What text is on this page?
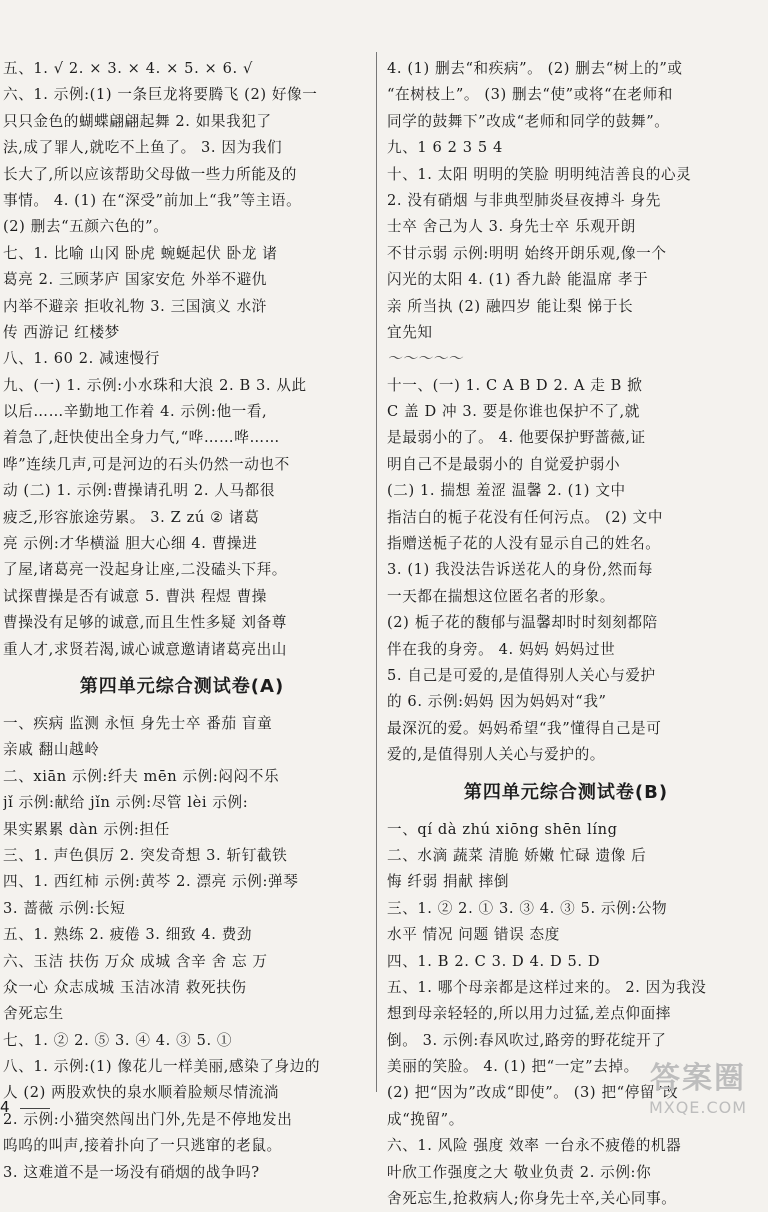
五、1. √ 2. × 3. × 4. × 5. × 6. √
六、1. 示例:(1) 一条巨龙将要腾飞 (2) 好像一
只只金色的蝴蝶翩翩起舞 2. 如果我犯了
法,成了罪人,就吃不上鱼了。 3. 因为我们
长大了,所以应该帮助父母做一些力所能及的
事情。 4. (1) 在“深受”前加上“我”等主语。
(2) 删去“五颜六色的”。
七、1. 比喻 山冈 卧虎 蜿蜒起伏 卧龙 诸
葛亮 2. 三顾茅庐 国家安危 外举不避仇
内举不避亲 拒收礼物 3. 三国演义 水浒
传 西游记 红楼梦
八、1. 60 2. 减速慢行
九、(一) 1. 示例:小水珠和大浪 2. B 3. 从此
以后……辛勤地工作着 4. 示例:他一看,
着急了,赶快使出全身力气,“哗……哗……
哗”连续几声,可是河边的石头仍然一动也不
动 (二) 1. 示例:曹操请孔明 2. 人马都很
疲乏,形容旅途劳累。 3. Z zú ② 诸葛
亮 示例:才华横溢 胆大心细 4. 曹操进
了屋,诸葛亮一没起身让座,二没磕头下拜。
试探曹操是否有诚意 5. 曹洪 程煜 曹操
曹操没有足够的诚意,而且生性多疑 刘备尊
重人才,求贤若渴,诚心诚意邀请诸葛亮出山
第四单元综合测试卷(A)
一、疾病 监测 永恒 身先士卒 番茄 盲童
亲戚 翻山越岭
二、xiān 示例:纤夫 mēn 示例:闷闷不乐
jǐ 示例:献给 jǐn 示例:尽管 lèi 示例:
果实累累 dàn 示例:担任
三、1. 声色俱厉 2. 突发奇想 3. 斩钉截铁
四、1. 西红柿 示例:黄芩 2. 漂亮 示例:弹琴
3. 蔷薇 示例:长短
五、1. 熟练 2. 疲倦 3. 细致 4. 费劲
六、玉洁 扶伤 万众 成城 含辛 舍 忘 万
众一心 众志成城 玉洁冰清 救死扶伤
舍死忘生
七、1. ② 2. ⑤ 3. ④ 4. ③ 5. ①
八、1. 示例:(1) 像花儿一样美丽,感染了身边的
人 (2) 两股欢快的泉水顺着脸颊尽情流淌
2. 示例:小猫突然闯出门外,先是不停地发出
呜呜的叫声,接着扑向了一只逃窜的老鼠。
3. 这难道不是一场没有硝烟的战争吗?
4. (1) 删去“和疾病”。 (2) 删去“树上的”或
“在树枝上”。 (3) 删去“使”或将“在老师和
同学的鼓舞下”改成“老师和同学的鼓舞”。
九、1 6 2 3 5 4
十、1. 太阳 明明的笑脸 明明纯洁善良的心灵
2. 没有硝烟 与非典型肺炎昼夜搏斗 身先
士卒 舍己为人 3. 身先士卒 乐观开朗
不甘示弱 示例:明明 始终开朗乐观,像一个
闪光的太阳 4. (1) 香九龄 能温席 孝于
亲 所当执 (2) 融四岁 能让梨 悌于长
宜先知
～～～～～
十一、(一) 1. C A B D 2. A 走 B 掀
C 盖 D 冲 3. 要是你谁也保护不了,就
是最弱小的了。 4. 他要保护野蔷薇,证
明自己不是最弱小的 自觉爱护弱小
(二) 1. 揣想 羞涩 温馨 2. (1) 文中
指洁白的栀子花没有任何污点。 (2) 文中
指赠送栀子花的人没有显示自己的姓名。
3. (1) 我没法告诉送花人的身份,然而每
一天都在揣想这位匿名者的形象。
(2) 栀子花的馥郁与温馨却时时刻刻都陪
伴在我的身旁。 4. 妈妈 妈妈过世
5. 自己是可爱的,是值得别人关心与爱护
的 6. 示例:妈妈 因为妈妈对“我”
最深沉的爱。妈妈希望“我”懂得自己是可
爱的,是值得别人关心与爱护的。
第四单元综合测试卷(B)
一、qí dà zhú xiōng shēn líng
二、水滴 蔬菜 清脆 娇嫩 忙碌 遗像 后
悔 纤弱 捐献 摔倒
三、1. ② 2. ① 3. ③ 4. ③ 5. 示例:公物
水平 情况 问题 错误 态度
四、1. B 2. C 3. D 4. D 5. D
五、1. 哪个母亲都是这样过来的。 2. 因为我没
想到母亲轻轻的,所以用力过猛,差点仰面摔
倒。 3. 示例:春风吹过,路旁的野花绽开了
美丽的笑脸。 4. (1) 把“一定”去掉。
(2) 把“因为”改成“即使”。 (3) 把“停留”改
成“挽留”。
六、1. 风险 强度 效率 一台永不疲倦的机器
叶欣工作强度之大 敬业负责 2. 示例:你
舍死忘生,抢救病人;你身先士卒,关心同事。
4
答案圈
MXQE.COM
